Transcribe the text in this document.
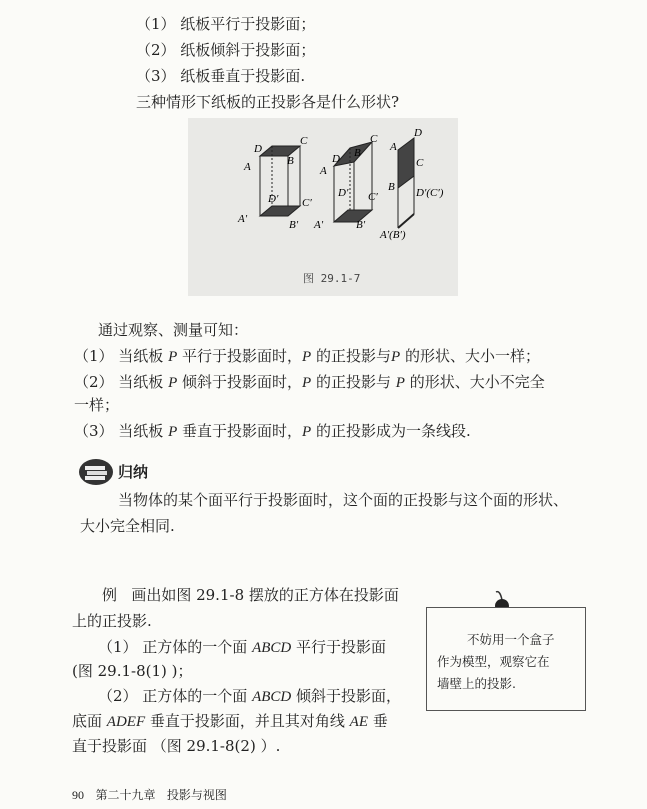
（1） 纸板平行于投影面；
（2） 纸板倾斜于投影面；
（3） 纸板垂直于投影面.
三种情形下纸板的正投影各是什么形状?
D
C
A	B
D′ C′
A′	B′
C
B
D
A
D′ C′
A′	B′
D
A
C
B D′(C′)
A′(B′)
图 29.1-7
通过观察、测量可知：
（1） 当纸板 P 平行于投影面时，P 的正投影与P 的形状、大小一样；
（2） 当纸板 P 倾斜于投影面时，P 的正投影与 P 的形状、大小不完全
一样；
（3） 当纸板 P 垂直于投影面时，P 的正投影成为一条线段.
归纳
当物体的某个面平行于投影面时，这个面的正投影与这个面的形状、
大小完全相同.
例 画出如图 29.1-8 摆放的正方体在投影面
上的正投影.
（1） 正方体的一个面 ABCD 平行于投影面
(图 29.1-8(1) )；
（2） 正方体的一个面 ABCD 倾斜于投影面，
底面 ADEF 垂直于投影面，并且其对角线 AE 垂
直于投影面 （图 29.1-8(2) ）.
不妨用一个盒子
作为模型，观察它在
墙壁上的投影.
90 第二十九章 投影与视图
